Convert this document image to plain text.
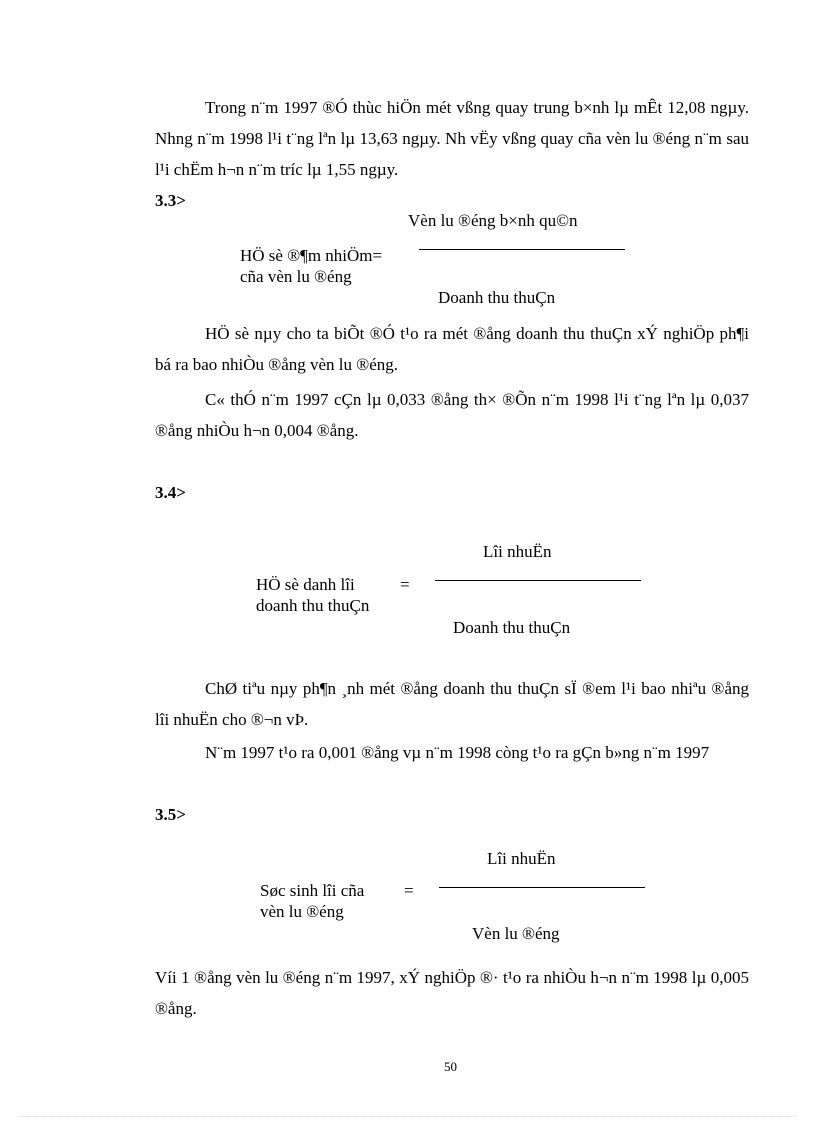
Trong n¨m 1997 ®Ó thùc hiÖn mét vßng quay trung b×nh lµ mÊt 12,08 ngµy. Nhng n¨m 1998 l¹i t¨ng lªn lµ 13,63 ngµy. Nh vËy vßng quay cña vèn lu ®éng n¨m sau l¹i chËm h¬n n¨m tríc lµ 1,55 ngµy.

3.3>
Vèn lu ®éng b×nh qu©n
HÖ sè ®¶m nhiÖm=
cña vèn lu ®éng
Doanh thu thuÇn

HÖ sè nµy cho ta biÕt ®Ó t¹o ra mét ®ång doanh thu thuÇn xÝ nghiÖp ph¶i bá ra bao nhiÒu ®ång vèn lu ®éng.

C« thÓ n¨m 1997 cÇn lµ 0,033 ®ång th× ®Õn n¨m 1998 l¹i t¨ng lªn lµ 0,037 ®ång nhiÒu h¬n 0,004 ®ång.

3.4>
Lîi nhuËn
HÖ sè danh lîi	=
doanh thu thuÇn
Doanh thu thuÇn

ChØ tiªu nµy ph¶n ¸nh mét ®ång doanh thu thuÇn sÏ ®em l¹i bao nhiªu ®ång lîi nhuËn cho ®¬n vÞ.

N¨m 1997 t¹o ra 0,001 ®ång vµ n¨m 1998 còng t¹o ra gÇn b»ng n¨m 1997

3.5>
Lîi nhuËn
Søc sinh lîi cña =
vèn lu ®éng
Vèn lu ®éng

Víi 1 ®ång vèn lu ®éng n¨m 1997, xÝ nghiÖp ®· t¹o ra nhiÒu h¬n n¨m 1998 lµ 0,005 ®ång.

50
